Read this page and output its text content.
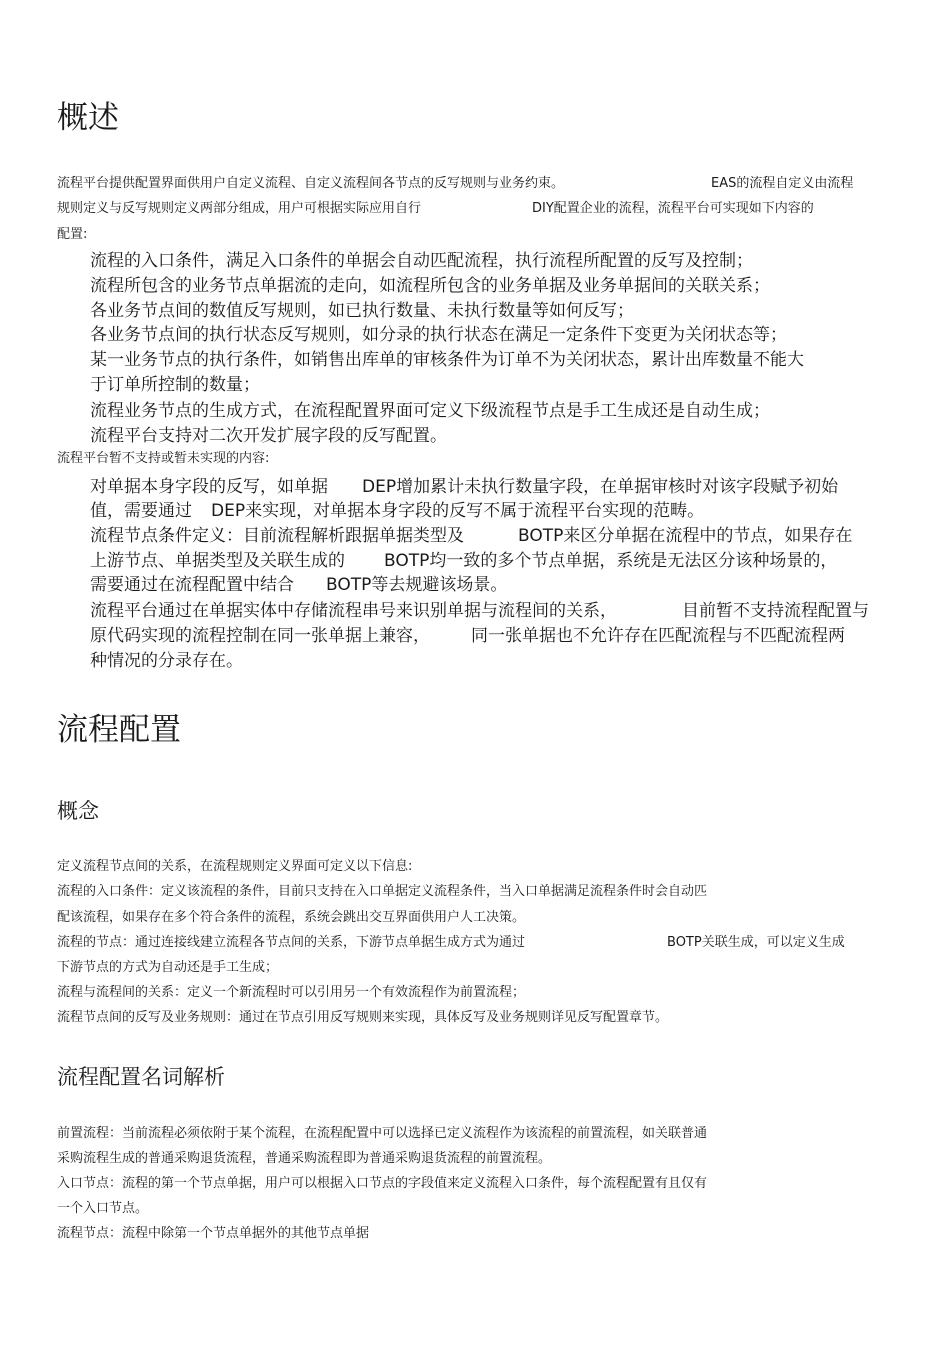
概述
流程平台提供配置界面供用户自定义流程、自定义流程间各节点的反写规则与业务约束。	EAS的流程自定义由流程
规则定义与反写规则定义两部分组成，用户可根据实际应用自行	DIY配置企业的流程，流程平台可实现如下内容的
配置:
流程的入口条件，满足入口条件的单据会自动匹配流程，执行流程所配置的反写及控制；
流程所包含的业务节点单据流的走向，如流程所包含的业务单据及业务单据间的关联关系；
各业务节点间的数值反写规则，如已执行数量、未执行数量等如何反写；
各业务节点间的执行状态反写规则，如分录的执行状态在满足一定条件下变更为关闭状态等；
某一业务节点的执行条件，如销售出库单的审核条件为订单不为关闭状态，累计出库数量不能大
于订单所控制的数量；
流程业务节点的生成方式，在流程配置界面可定义下级流程节点是手工生成还是自动生成；
流程平台支持对二次开发扩展字段的反写配置。
流程平台暂不支持或暂未实现的内容:
对单据本身字段的反写，如单据 DEP增加累计未执行数量字段，在单据审核时对该字段赋予初始
值，需要通过 DEP来实现，对单据本身字段的反写不属于流程平台实现的范畴。
流程节点条件定义：目前流程解析跟据单据类型及	BOTP来区分单据在流程中的节点，如果存在
上游节点、单据类型及关联生成的 BOTP均一致的多个节点单据，系统是无法区分该种场景的，
需要通过在流程配置中结合 BOTP等去规避该场景。
流程平台通过在单据实体中存储流程串号来识别单据与流程间的关系，	目前暂不支持流程配置与
原代码实现的流程控制在同一张单据上兼容， 同一张单据也不允许存在匹配流程与不匹配流程两
种情况的分录存在。
流程配置
概念
定义流程节点间的关系，在流程规则定义界面可定义以下信息:
流程的入口条件：定义该流程的条件，目前只支持在入口单据定义流程条件，当入口单据满足流程条件时会自动匹
配该流程，如果存在多个符合条件的流程，系统会跳出交互界面供用户人工决策。
流程的节点：通过连接线建立流程各节点间的关系，下游节点单据生成方式为通过	BOTP关联生成，可以定义生成
下游节点的方式为自动还是手工生成；
流程与流程间的关系：定义一个新流程时可以引用另一个有效流程作为前置流程；
流程节点间的反写及业务规则：通过在节点引用反写规则来实现，具体反写及业务规则详见反写配置章节。
流程配置名词解析
前置流程：当前流程必须依附于某个流程，在流程配置中可以选择已定义流程作为该流程的前置流程，如关联普通
采购流程生成的普通采购退货流程，普通采购流程即为普通采购退货流程的前置流程。
入口节点：流程的第一个节点单据，用户可以根据入口节点的字段值来定义流程入口条件，每个流程配置有且仅有
一个入口节点。
流程节点：流程中除第一个节点单据外的其他节点单据
